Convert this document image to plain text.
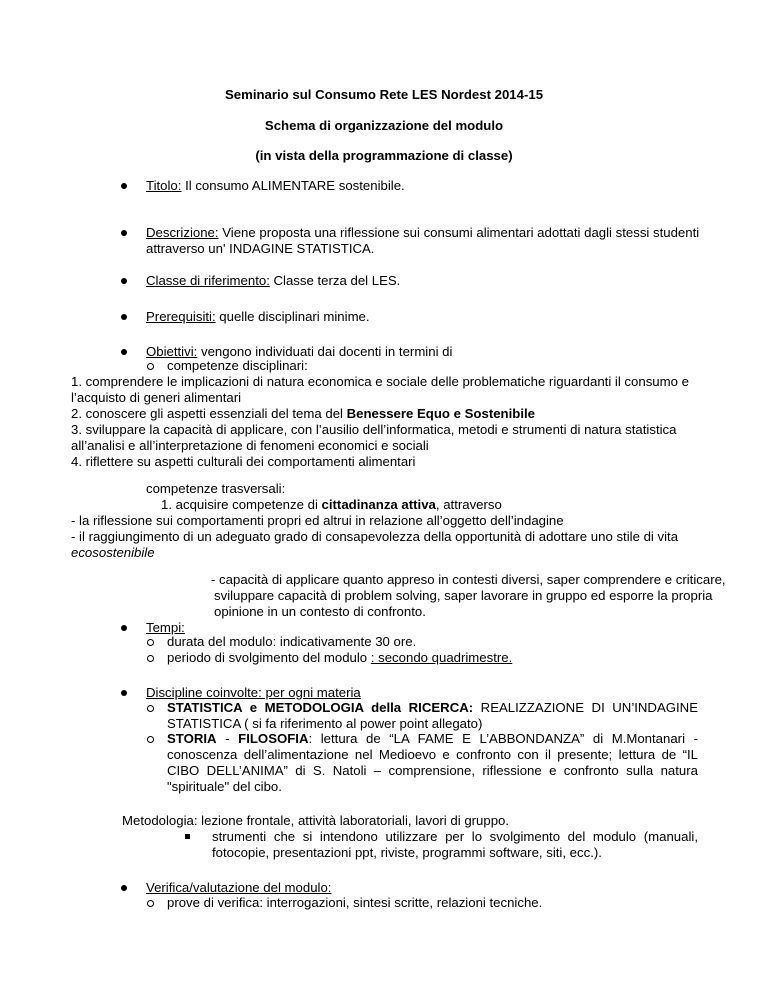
Seminario sul Consumo Rete LES Nordest 2014-15
Schema di organizzazione del modulo
(in vista della programmazione di classe)
Titolo: Il consumo ALIMENTARE sostenibile.
Descrizione: Viene proposta una riflessione sui consumi alimentari adottati dagli stessi studenti
attraverso un' INDAGINE STATISTICA.
Classe di riferimento: Classe terza del LES.
Prerequisiti: quelle disciplinari minime.
Obiettivi: vengono individuati dai docenti in termini di
competenze disciplinari:
1. comprendere le implicazioni di natura economica e sociale delle problematiche riguardanti il consumo e
l’acquisto di generi alimentari
2. conoscere gli aspetti essenziali del tema del Benessere Equo e Sostenibile
3. sviluppare la capacità di applicare, con l’ausilio dell’informatica, metodi e strumenti di natura statistica
all’analisi e all’interpretazione di fenomeni economici e sociali
4. riflettere su aspetti culturali dei comportamenti alimentari
competenze trasversali:
1. acquisire competenze di cittadinanza attiva, attraverso
- la riflessione sui comportamenti propri ed altrui in relazione all’oggetto dell’indagine
- il raggiungimento di un adeguato grado di consapevolezza della opportunità di adottare uno stile di vita
ecosostenibile
- capacità di applicare quanto appreso in contesti diversi, saper comprendere e criticare,
sviluppare capacità di problem solving, saper lavorare in gruppo ed esporre la propria
opinione in un contesto di confronto.
Tempi:
durata del modulo: indicativamente 30 ore.
periodo di svolgimento del modulo : secondo quadrimestre.
Discipline coinvolte: per ogni materia
STATISTICA e METODOLOGIA della RICERCA: REALIZZAZIONE DI UN’INDAGINE
STATISTICA ( si fa riferimento al power point allegato)
STORIA - FILOSOFIA: lettura de “LA FAME E L’ABBONDANZA” di M.Montanari -
conoscenza dell’alimentazione nel Medioevo e confronto con il presente; lettura de “IL
CIBO DELL’ANIMA” di S. Natoli – comprensione, riflessione e confronto sulla natura
"spirituale" del cibo.
Metodologia: lezione frontale, attività laboratoriali, lavori di gruppo.
strumenti che si intendono utilizzare per lo svolgimento del modulo (manuali,
fotocopie, presentazioni ppt, riviste, programmi software, siti, ecc.).
Verifica/valutazione del modulo:
prove di verifica: interrogazioni, sintesi scritte, relazioni tecniche.
